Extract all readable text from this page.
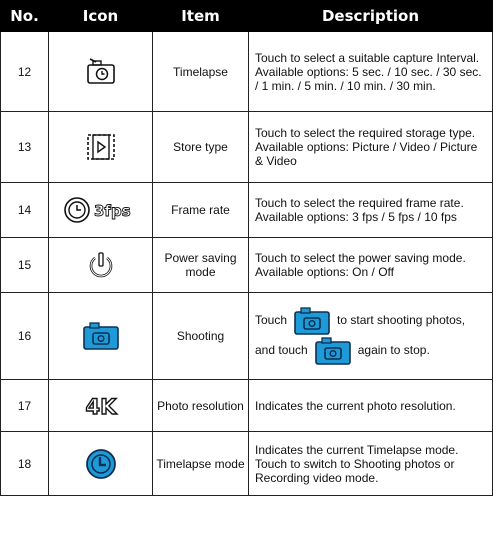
No.	Icon	Item	Description
12		Timelapse	Touch to select a suitable capture Interval.
Available options: 5 sec. / 10 sec. / 30 sec. / 1 min. / 5 min. / 10 min. / 30 min.

13		Store type	Touch to select the required storage type.
Available options: Picture / Video / Picture & Video

14	3fps	Frame rate	Touch to select the required frame rate.
Available options: 3 fps / 5 fps / 10 fps

15		Power saving mode	Touch to select the power saving mode.
Available options: On / Off

16		Shooting	Touch to start shooting photos, and touch again to stop.
17	4K	Photo resolution	Indicates the current photo resolution.

18		Timelapse mode	Indicates the current Timelapse mode. Touch to switch to Shooting photos or Recording video mode.
